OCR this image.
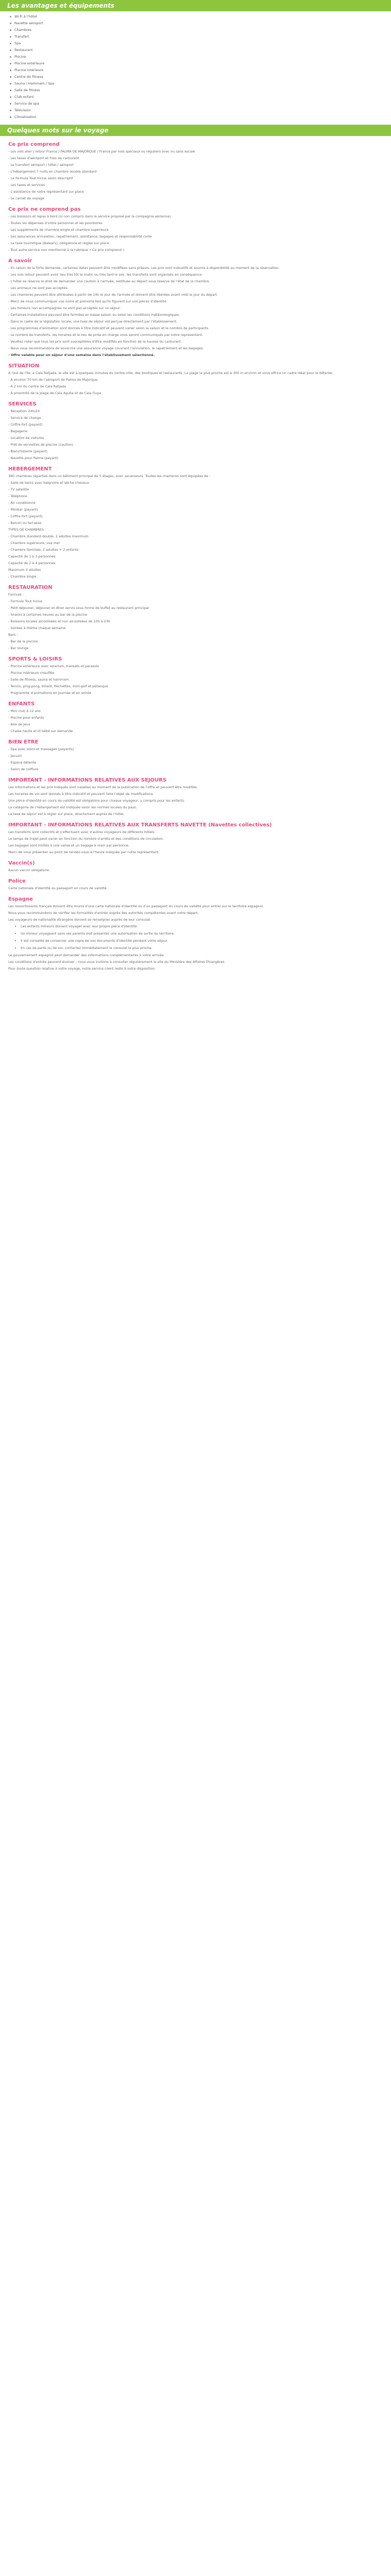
Les avantages et équipements
Wi-Fi à l'hôtel
Navette aéroport
Chambres
Transfert
Spa
Restaurant
Piscine
Piscine extérieure
Piscine intérieure
Centre de fitness
Sauna / Hammam / Spa
Salle de fitness
Club enfant
Service de spa
Télévision
Climatisation
Quelques mots sur le voyage
Ce prix comprend

- Les vols aller / retour France / PALMA DE MAJORQUE / France par vols spéciaux ou réguliers avec ou sans escale

- Les taxes d'aéroport et frais de carburant

- Le transfert aéroport / hôtel / aéroport

- L'hébergement 7 nuits en chambre double standard

- La formule Tout Inclus selon descriptif

- Les taxes et services

- L'assistance de notre représentant sur place

- Le carnet de voyage

Ce prix ne comprend pas

- Les boissons et repas à bord (si non compris dans le service proposé par la compagnie aérienne)

- Toutes les dépenses d'ordre personnel et les pourboires

- Les suppléments de chambre single et chambre supérieure

- Les assurances annulation, rapatriement, assistance, bagages et responsabilité civile

- La taxe touristique (Balears), obligatoire et réglée sur place

- Tout autre service non mentionné à la rubrique « Ce prix comprend »

A savoir

- En raison de la forte demande, certaines dates peuvent être modifiées sans préavis. Les prix sont indicatifs et soumis à disponibilité au moment de la réservation.

- Les vols retour peuvent avoir lieu très tôt le matin ou très tard le soir, les transferts sont organisés en conséquence.

- L'hôtel se réserve le droit de demander une caution à l'arrivée, restituée au départ sous réserve de l'état de la chambre.

- Les animaux ne sont pas acceptés.

- Les chambres peuvent être attribuées à partir de 14h le jour de l'arrivée et doivent être libérées avant midi le jour du départ.

- Merci de nous communiquer vos noms et prénoms tels qu'ils figurent sur vos pièces d'identité.

- Les mineurs non accompagnés ne sont pas acceptés sur ce séjour.

- Certaines installations peuvent être fermées en basse saison ou selon les conditions météorologiques.

- Dans le cadre de la législation locale, une taxe de séjour est perçue directement par l'établissement.

- Les programmes d'animation sont donnés à titre indicatif et peuvent varier selon la saison et le nombre de participants.

- Le nombre de transferts, les horaires et le lieu de prise en charge vous seront communiqués par notre représentant.

- Veuillez noter que tous les prix sont susceptibles d'être modifiés en fonction de la hausse du carburant.

- Nous vous recommandons de souscrire une assurance voyage couvrant l'annulation, le rapatriement et les bagages.

- Offre valable pour un séjour d'une semaine dans l'établissement sélectionné.

SITUATION

A l'est de l'île, à Cala Ratjada, le site est à quelques minutes du centre-ville, des boutiques et restaurants. La plage la plus proche est à 300 m environ et vous offrira un cadre idéal pour la détente.

- À environ 70 km de l'aéroport de Palma de Majorque.

- À 2 km du centre de Cala Ratjada

- À proximité de la plage de Cala Agulla et de Cala Guya.

SERVICES

- Réception 24h/24

- Service de change

- Coffre-fort (payant)

- Bagagerie

- Location de voitures

- Prêt de serviettes de piscine (caution)

- Blanchisserie (payant)

- Navette pour Palma (payant)

HEBERGEMENT

380 chambres réparties dans un bâtiment principal de 5 étages, avec ascenseurs. Toutes les chambres sont équipées de :

- Salle de bains avec baignoire et sèche-cheveux

- TV satellite

- Téléphone

- Air conditionné

- Minibar (payant)

- Coffre-fort (payant)

- Balcon ou terrasse

TYPES DE CHAMBRES :

- Chambre standard double, 2 adultes maximum

- Chambre supérieure, vue mer

- Chambre familiale, 2 adultes + 2 enfants

Capacité de 1 à 3 personnes

Capacité de 2 à 4 personnes

Maximum 3 adultes

- Chambre single

RESTAURATION

Formule :

- Formule Tout Inclus

- Petit déjeuner, déjeuner et dîner servis sous forme de buffet au restaurant principal

- Snacks à certaines heures au bar de la piscine

- Boissons locales alcoolisées et non alcoolisées de 10h à 23h

- Soirées à thème chaque semaine

Bars :

- Bar de la piscine

- Bar lounge

SPORTS & LOISIRS

- Piscine extérieure avec solarium, transats et parasols

- Piscine intérieure chauffée

- Salle de fitness, sauna et hammam

- Tennis, ping-pong, billard, fléchettes, mini-golf et pétanque

- Programme d'animations en journée et en soirée

ENFANTS

- Mini club 4-12 ans

- Piscine pour enfants

- Aire de jeux

- Chaise haute et lit bébé sur demande

BIEN ETRE

- Spa avec soins et massages (payants)

- Jacuzzi

- Espace détente

- Salon de coiffure

IMPORTANT - INFORMATIONS RELATIVES AUX SEJOURS

Les informations et les prix indiqués sont valables au moment de la publication de l'offre et peuvent être modifiés.

Les horaires de vol sont donnés à titre indicatif et peuvent faire l'objet de modifications.

Une pièce d'identité en cours de validité est obligatoire pour chaque voyageur, y compris pour les enfants.

La catégorie de l'hébergement est indiquée selon les normes locales du pays.

La taxe de séjour est à régler sur place, directement auprès de l'hôtel.

IMPORTANT - INFORMATIONS RELATIVES AUX TRANSFERTS NAVETTE (Navettes collectives)

Les transferts sont collectifs et s'effectuent avec d'autres voyageurs de différents hôtels.

Le temps de trajet peut varier en fonction du nombre d'arrêts et des conditions de circulation.

Les bagages sont limités à une valise et un bagage à main par personne.

Merci de vous présenter au point de rendez-vous à l'heure indiquée par notre représentant.

Vaccin(s)

Aucun vaccin obligatoire.

Police

Carte nationale d'identité ou passeport en cours de validité.

Espagne

Les ressortissants français doivent être munis d'une carte nationale d'identité ou d'un passeport en cours de validité pour entrer sur le territoire espagnol.

Nous vous recommandons de vérifier les formalités d'entrée auprès des autorités compétentes avant votre départ.

Les voyageurs de nationalité étrangère doivent se renseigner auprès de leur consulat.

• Les enfants mineurs doivent voyager avec leur propre pièce d'identité.
• Un mineur voyageant sans ses parents doit présenter une autorisation de sortie du territoire.
• Il est conseillé de conserver une copie de vos documents d'identité pendant votre séjour.
• En cas de perte ou de vol, contactez immédiatement le consulat le plus proche.

Le gouvernement espagnol peut demander des informations complémentaires à votre arrivée.

Les conditions d'entrée peuvent évoluer ; nous vous invitons à consulter régulièrement le site du Ministère des Affaires Étrangères.

Pour toute question relative à votre voyage, notre service client reste à votre disposition.
